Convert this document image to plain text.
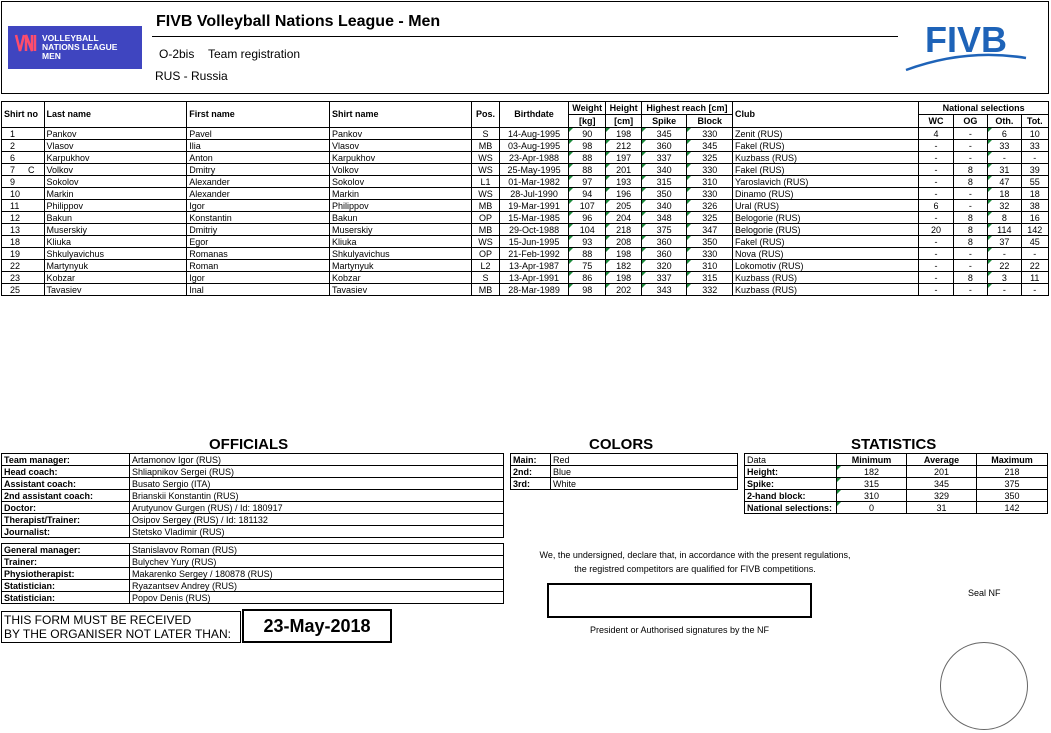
VOLLEYBALL
NATIONS LEAGUE
MEN
FIVB Volleyball Nations League - Men
O-2bis Team registration
RUS - Russia
FIVB
Shirt no	Last name	First name	Shirt name	Pos.	Birthdate	Weight	Height	Highest reach [cm]		Club	National selections			
						[kg]	[cm]	Spike	Block		WC	OG	Oth.	Tot.
1	Pankov	Pavel	Pankov	S	14-Aug-1995	90	198	345	330	Zenit (RUS)	4	-	6	10
2	Vlasov	Ilia	Vlasov	MB	03-Aug-1995	98	212	360	345	Fakel (RUS)	-	-	33	33
6	Karpukhov	Anton	Karpukhov	WS	23-Apr-1988	88	197	337	325	Kuzbass (RUS)	-	-	-	-
7 C	Volkov	Dmitry	Volkov	WS	25-May-1995	88	201	340	330	Fakel (RUS)	-	8	31	39
9	Sokolov	Alexander	Sokolov	L1	01-Mar-1982	97	193	315	310	Yaroslavich (RUS)	-	8	47	55
10	Markin	Alexander	Markin	WS	28-Jul-1990	94	196	350	330	Dinamo (RUS)	-	-	18	18
11	Philippov	Igor	Philippov	MB	19-Mar-1991	107	205	340	326	Ural (RUS)	6	-	32	38
12	Bakun	Konstantin	Bakun	OP	15-Mar-1985	96	204	348	325	Belogorie (RUS)	-	8	8	16
13	Muserskiy	Dmitriy	Muserskiy	MB	29-Oct-1988	104	218	375	347	Belogorie (RUS)	20	8	114	142
18	Kliuka	Egor	Kliuka	WS	15-Jun-1995	93	208	360	350	Fakel (RUS)	-	8	37	45
19	Shkulyavichus	Romanas	Shkulyavichus	OP	21-Feb-1992	88	198	360	330	Nova (RUS)	-	-	-	-
22	Martynyuk	Roman	Martynyuk	L2	13-Apr-1987	75	182	320	310	Lokomotiv (RUS)	-	-	22	22
23	Kobzar	Igor	Kobzar	S	13-Apr-1991	86	198	337	315	Kuzbass (RUS)	-	8	3	11
25	Tavasiev	Inal	Tavasiev	MB	28-Mar-1989	98	202	343	332	Kuzbass (RUS)	-	-	-	-
OFFICIALS
Team manager:	Artamonov Igor (RUS)
Head coach:	Shliapnikov Sergei (RUS)
Assistant coach:	Busato Sergio (ITA)
2nd assistant coach:	Brianskii Konstantin (RUS)
Doctor:	Arutyunov Gurgen (RUS) / Id: 180917
Therapist/Trainer:	Osipov Sergey (RUS) / Id: 181132
Journalist:	Stetsko Vladimir (RUS)
General manager:	Stanislavov Roman (RUS)
Trainer:	Bulychev Yury (RUS)
Physiotherapist:	Makarenko Sergey / 180878 (RUS)
Statistician:	Ryazantsev Andrey (RUS)
Statistician:	Popov Denis (RUS)
COLORS
Main:	Red
2nd:	Blue
3rd:	White
STATISTICS
Data	Minimum	Average	Maximum
Height:	182	201	218
Spike:	315	345	375
2-hand block:	310	329	350
National selections:	0	31	142
THIS FORM MUST BE RECEIVED
BY THE ORGANISER NOT LATER THAN:	23-May-2018
We, the undersigned, declare that, in accordance with the present regulations,
the registred competitors are qualified for FIVB competitions.
President or Authorised signatures by the NF
Seal NF
